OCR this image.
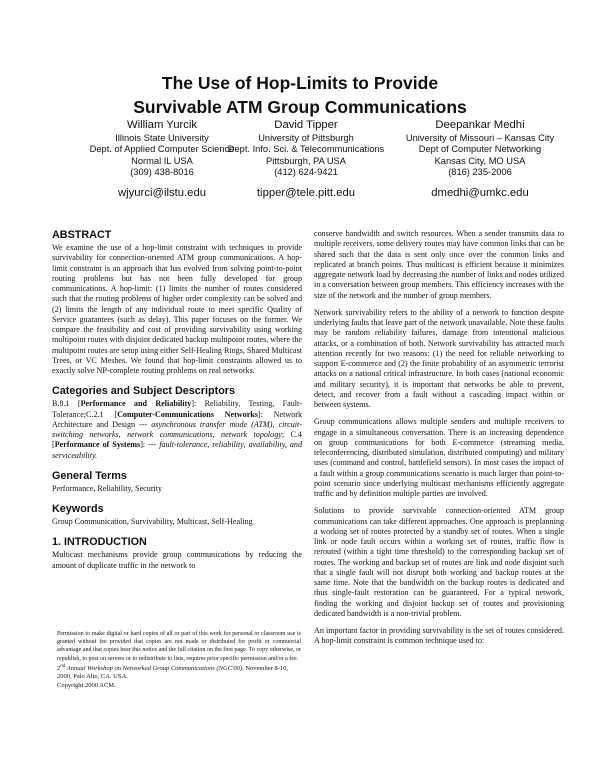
The Use of Hop-Limits to Provide
Survivable ATM Group Communications
William Yurcik
Illinois State University
Dept. of Applied Computer Science
Normal IL USA
(309) 438-8016
wjyurci@ilstu.edu
David Tipper
University of Pittsburgh
Dept. Info. Sci. & Telecommunications
Pittsburgh, PA USA
(412) 624-9421
tipper@tele.pitt.edu
Deepankar Medhi
University of Missouri – Kansas City
Dept of Computer Networking
Kansas City, MO USA
(816) 235-2006
dmedhi@umkc.edu
ABSTRACT

We examine the use of a hop-limit constraint with techniques to provide survivability for connection-oriented ATM group communications. A hop-limit constraint is an approach that has evolved from solving point-to-point routing problems but has not been fully developed for group communications. A hop-limit: (1) limits the number of routes considered such that the routing problems of higher order complexity can be solved and (2) limits the length of any individual route to meet specific Quality of Service guarantees (such as delay). This paper focuses on the former. We compare the feasibility and cost of providing survivability using working multipoint routes with disjoint dedicated backup multipoint routes, where the multipoint routes are setup using either Self-Healing Rings, Shared Multicast Trees, or VC Meshes. We found that hop-limit constraints allowed us to exactly solve NP-complete routing problems on real networks.

Categories and Subject Descriptors

B.8.1 [Performance and Reliability]: Reliability, Testing, Fault-Tolerance;C.2.1 [Computer-Communications Networks]: Network Architecture and Design --- asynchronous transfer mode (ATM), circuit-switching networks, network communications, network topology; C.4 [Performance of Systems]: --- fault-tolerance, reliability, availability, and serviceability.

General Terms

Performance, Reliability, Security

Keywords

Group Communication, Survivability, Multicast, Self-Healing

1. INTRODUCTION

Multicast mechanisms provide group communications by reducing the amount of duplicate traffic in the network to

Permission to make digital or hard copies of all or part of this work for personal or classroom use is granted without fee provided that copies are not made or distributed for profit or commercial advantage and that copies bear this notice and the full citation on the first page. To copy otherwise, or republish, to post on servers or to redistribute to lists, requires prior specific permission and/or a fee.

2nd Annual Workshop on Networked Group Communications (NGC'00), November 8-10, 2000, Palo Alto, CA. USA.
Copyright 2000 ACM.

conserve bandwidth and switch resources. When a sender transmits data to multiple receivers, some delivery routes may have common links that can be shared such that the data is sent only once over the common links and replicated at branch points. Thus multicast is efficient because it minimizes aggregate network load by decreasing the number of links and nodes utilized in a conversation between group members. This efficiency increases with the size of the network and the number of group members.

Network survivability refers to the ability of a network to function despite underlying faults that leave part of the network unavailable. Note these faults may be random reliability failures, damage from intentional malicious attacks, or a combination of both. Network survivability has attracted much attention recently for two reasons: (1) the need for reliable networking to support E-commerce and (2) the finite probability of an asymmetric terrorist attacks on a national critical infrastructure. In both cases (national economic and military security), it is important that networks be able to prevent, detect, and recover from a fault without a cascading impact within or between systems.

Group communications allows multiple senders and multiple receivers to engage in a simultaneous conversation. There is an increasing dependence on group communications for both E-commerce (streaming media, teleconferencing, distributed simulation, distributed computing) and military uses (command and control, battlefield sensors). In most cases the impact of a fault within a group communications scenario is much larger than point-to-point scenario since underlying multicast mechanisms efficiently aggregate traffic and by definition multiple parties are involved.

Solutions to provide survivable connection-oriented ATM group communications can take different approaches. One approach is preplanning a working set of routes protected by a standby set of routes. When a single link or node fault occurs within a working set of routes, traffic flow is rerouted (within a tight time threshold) to the corresponding backup set of routes. The working and backup set of routes are link and node disjoint such that a single fault will not disrupt both working and backup routes at the same time. Note that the bandwidth on the backup routes is dedicated and thus single-fault restoration can be guaranteed. For a typical network, finding the working and disjoint backup set of routes and provisioning dedicated bandwidth is a non-trivial problem.

An important factor in providing survivability is the set of routes considered. A hop-limit constraint is common technique used to:
